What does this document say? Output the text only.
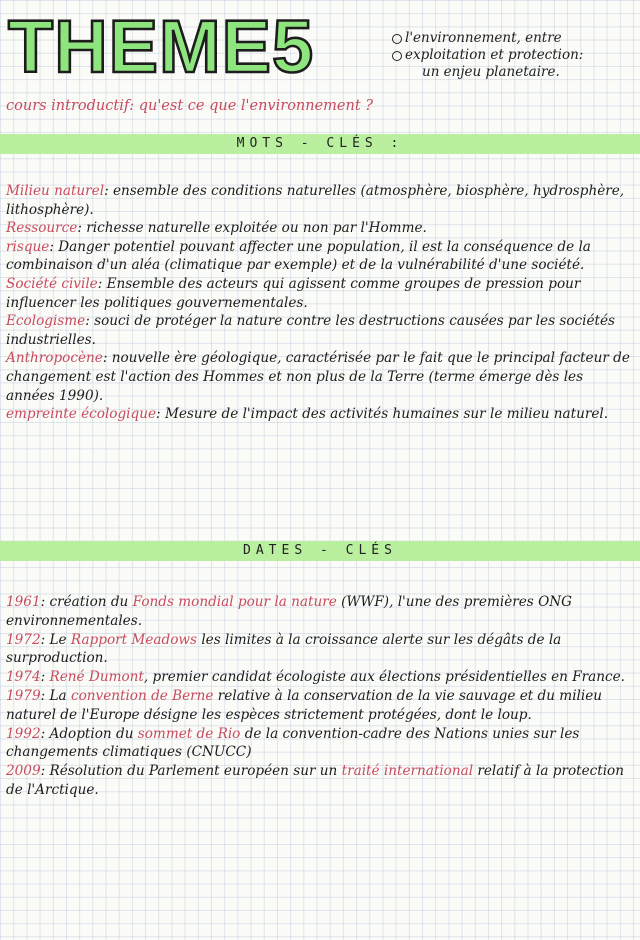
THEME5	l'environnement, entre
exploitation et protection:
un enjeu planetaire.
cours introductif: qu'est ce que l'environnement ?
MOTS - CLÉS :

Milieu naturel: ensemble des conditions naturelles (atmosphère, biosphère, hydrosphère, lithosphère).

Ressource: richesse naturelle exploitée ou non par l'Homme.

risque: Danger potentiel pouvant affecter une population, il est la conséquence de la combinaison d'un aléa (climatique par exemple) et de la vulnérabilité d'une société.

Société civile: Ensemble des acteurs qui agissent comme groupes de pression pour influencer les politiques gouvernementales.

Ecologisme: souci de protéger la nature contre les destructions causées par les sociétés industrielles.

Anthropocène: nouvelle ère géologique, caractérisée par le fait que le principal facteur de changement est l'action des Hommes et non plus de la Terre (terme émerge dès les années 1990).

empreinte écologique: Mesure de l'impact des activités humaines sur le milieu naturel.

DATES - CLÉS

1961: création du Fonds mondial pour la nature (WWF), l'une des premières ONG environnementales.

1972: Le Rapport Meadows les limites à la croissance alerte sur les dégâts de la surproduction.

1974: René Dumont, premier candidat écologiste aux élections présidentielles en France.

1979: La convention de Berne relative à la conservation de la vie sauvage et du milieu naturel de l'Europe désigne les espèces strictement protégées, dont le loup.

1992: Adoption du sommet de Rio de la convention-cadre des Nations unies sur les changements climatiques (CNUCC)

2009: Résolution du Parlement européen sur un traité international relatif à la protection de l'Arctique.
